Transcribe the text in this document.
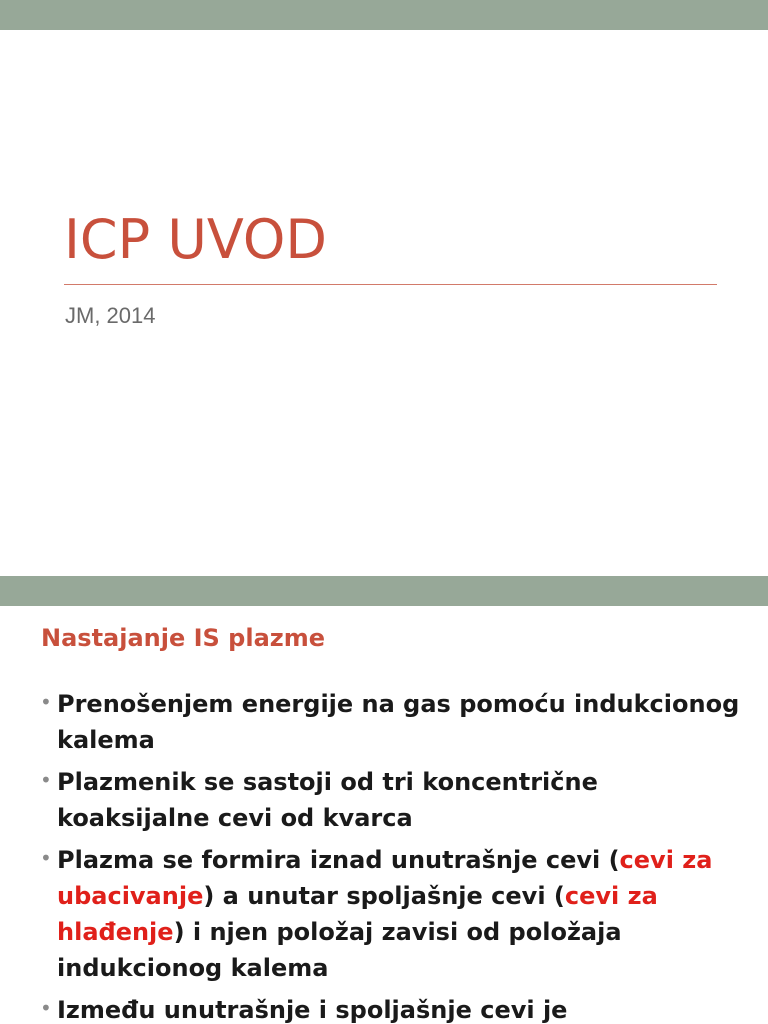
ICP UVOD
JM, 2014
Nastajanje IS plazme
• Prenošenjem energije na gas pomoću indukcionog kalema
• Plazmenik se sastoji od tri koncentrične koaksijalne cevi od kvarca
• Plazma se formira iznad unutrašnje cevi (cevi za ubacivanje) a unutar spoljašnje cevi (cevi za hlađenje) i njen položaj zavisi od položaja indukcionog kalema
• Između unutrašnje i spoljašnje cevi je
